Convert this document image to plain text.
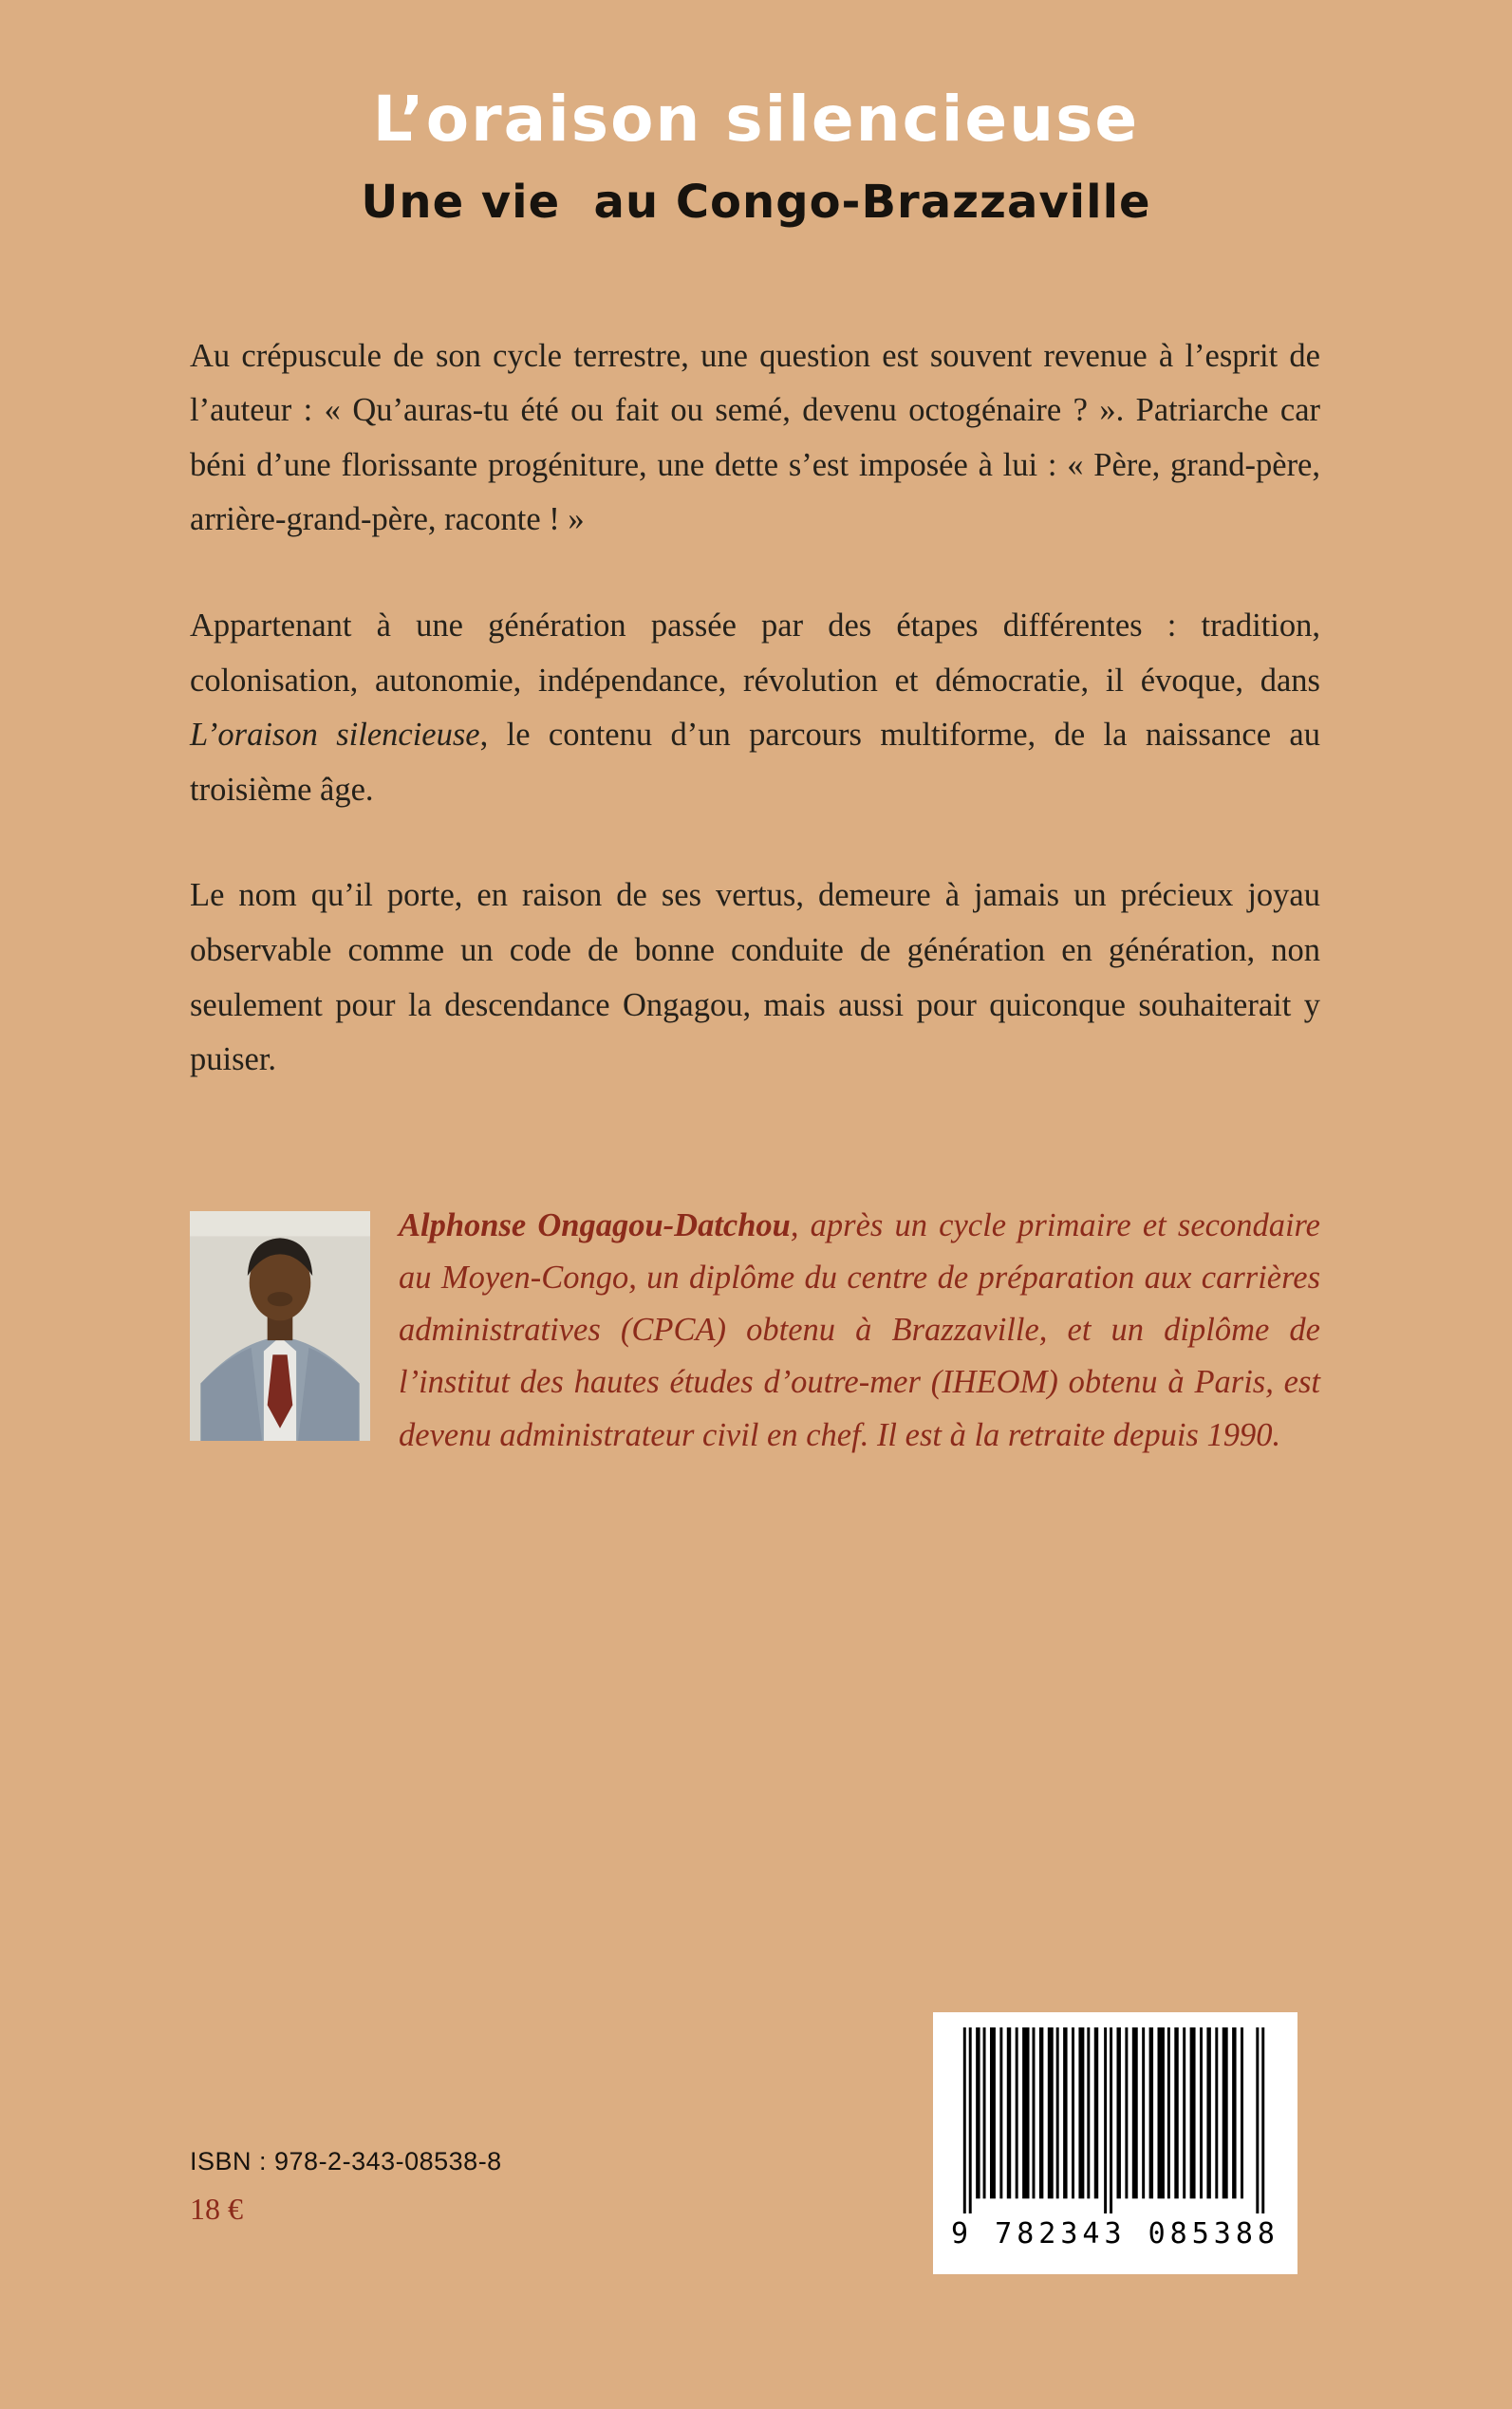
L’oraison silencieuse
Une vie  au Congo-Brazzaville

Au crépuscule de son cycle terrestre, une question est souvent revenue à l’esprit de l’auteur : « Qu’auras-tu été ou fait ou semé, devenu octogénaire ? ». Patriarche car béni d’une florissante progéniture, une dette s’est imposée à lui : « Père, grand-père, arrière-grand-père, raconte ! »

Appartenant à une génération passée par des étapes différentes : tradition, colonisation, autonomie, indépendance, révolution et démocratie, il évoque, dans L’oraison silencieuse, le contenu d’un parcours multiforme, de la naissance au troisième âge.

Le nom qu’il porte, en raison de ses vertus, demeure à jamais un précieux joyau observable comme un code de bonne conduite de génération en génération, non seulement pour la descendance Ongagou, mais aussi pour quiconque souhaiterait y puiser.

Alphonse Ongagou-Datchou, après un cycle primaire et secondaire au Moyen-Congo, un diplôme du centre de préparation aux carrières administratives (CPCA) obtenu à Brazzaville, et un diplôme de l’institut des hautes études d’outre-mer (IHEOM) obtenu à Paris, est devenu administrateur civil en chef. Il est à la retraite depuis 1990.

ISBN : 978-2-343-08538-8
18 €
9 782343 085388
